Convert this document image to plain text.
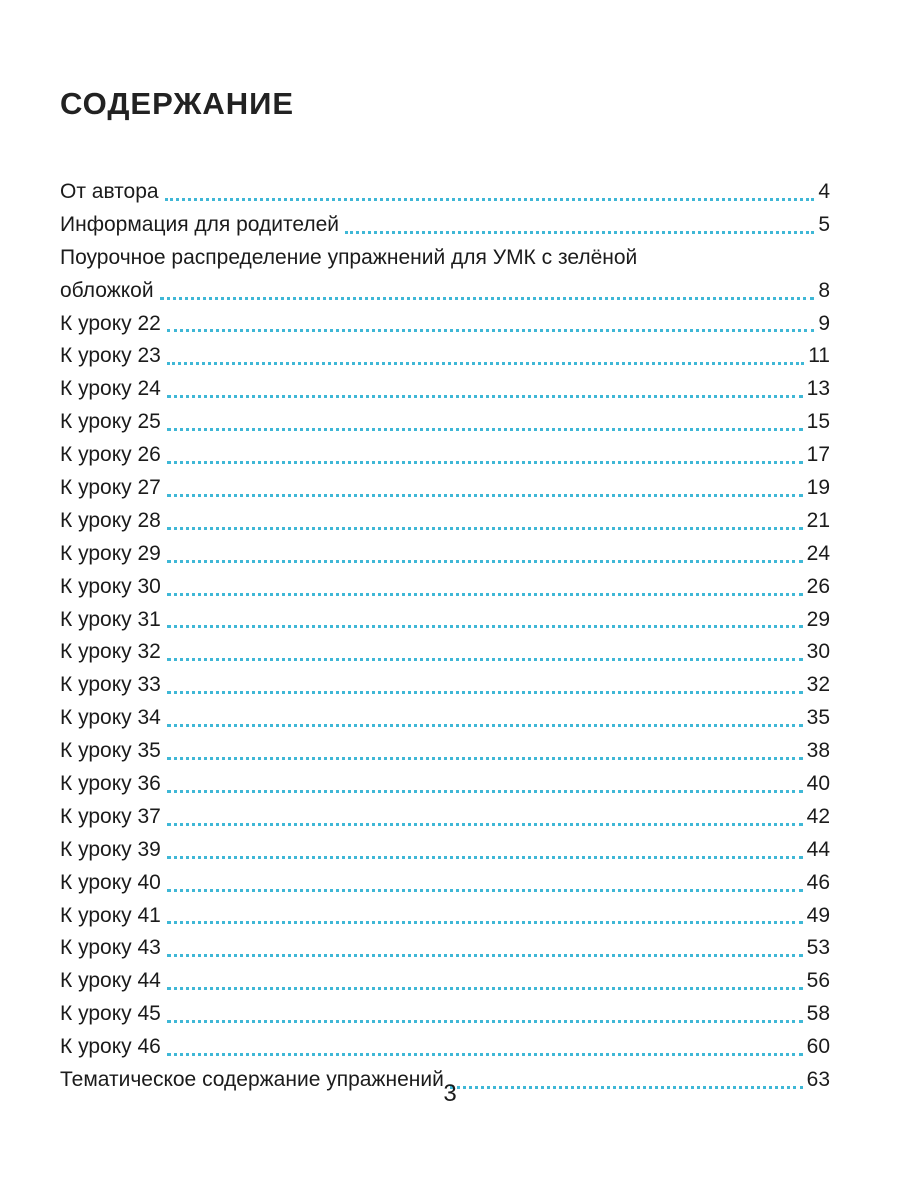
СОДЕРЖАНИЕ
От автора	4
Информация для родителей	5
Поурочное распределение упражнений для УМК с зелёной
обложкой	8
К уроку 22	9
К уроку 23	11
К уроку 24	13
К уроку 25	15
К уроку 26	17
К уроку 27	19
К уроку 28	21
К уроку 29	24
К уроку 30	26
К уроку 31	29
К уроку 32	30
К уроку 33	32
К уроку 34	35
К уроку 35	38
К уроку 36	40
К уроку 37	42
К уроку 39	44
К уроку 40	46
К уроку 41	49
К уроку 43	53
К уроку 44	56
К уроку 45	58
К уроку 46	60
Тематическое содержание упражнений	63
3
